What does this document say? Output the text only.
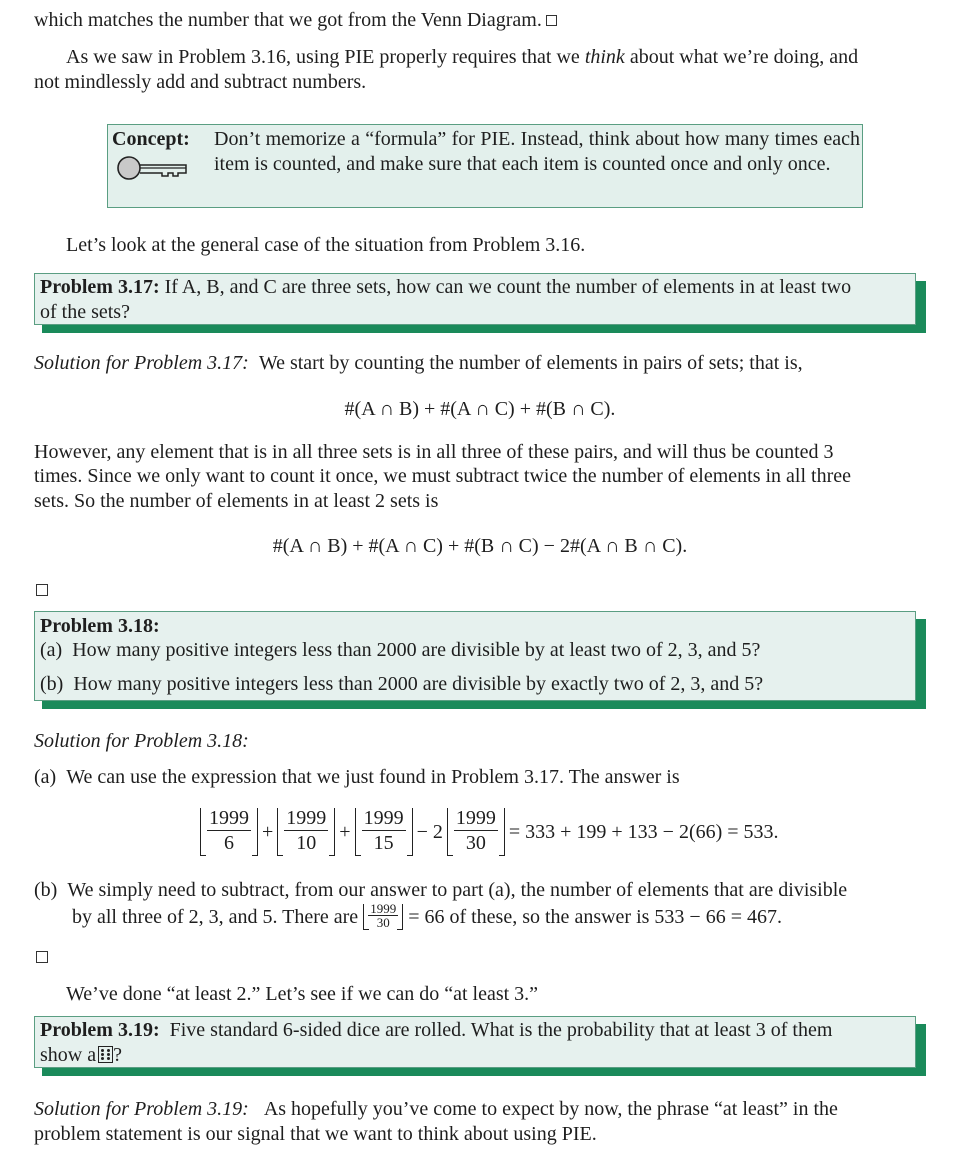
which matches the number that we got from the Venn Diagram.
As we saw in Problem 3.16, using PIE properly requires that we think about what we’re doing, and
not mindlessly add and subtract numbers.
Concept: Don’t memorize a “formula” for PIE. Instead, think about how many times each item is counted, and make sure that each item is counted once and only once.
Let’s look at the general case of the situation from Problem 3.16.
Problem 3.17: If A, B, and C are three sets, how can we count the number of elements in at least two
of the sets?
Solution for Problem 3.17: We start by counting the number of elements in pairs of sets; that is,
#(A ∩ B) + #(A ∩ C) + #(B ∩ C).
However, any element that is in all three sets is in all three of these pairs, and will thus be counted 3
times. Since we only want to count it once, we must subtract twice the number of elements in all three
sets. So the number of elements in at least 2 sets is
#(A ∩ B) + #(A ∩ C) + #(B ∩ C) − 2#(A ∩ B ∩ C).
Problem 3.18:
(a) How many positive integers less than 2000 are divisible by at least two of 2, 3, and 5?
(b) How many positive integers less than 2000 are divisible by exactly two of 2, 3, and 5?
Solution for Problem 3.18:
(a) We can use the expression that we just found in Problem 3.17. The answer is
$\frac{1999}{6} + \frac{1999}{10} + \frac{1999}{15} - 2 \frac{1999}{30} = 333 + 199 + 133 - 2(66) = 533$.
(b) We simply need to subtract, from our answer to part (a), the number of elements that are divisible
by all three of 2, 3, and 5. There are $\frac{1999}{30} = 66$ of these, so the answer is 533 − 66 = 467.
We’ve done “at least 2.” Let’s see if we can do “at least 3.”
Problem 3.19:  Five standard 6-sided dice are rolled. What is the probability that at least 3 of them
show a ?
Solution for Problem 3.19: As hopefully you’ve come to expect by now, the phrase “at least” in the
problem statement is our signal that we want to think about using PIE.
